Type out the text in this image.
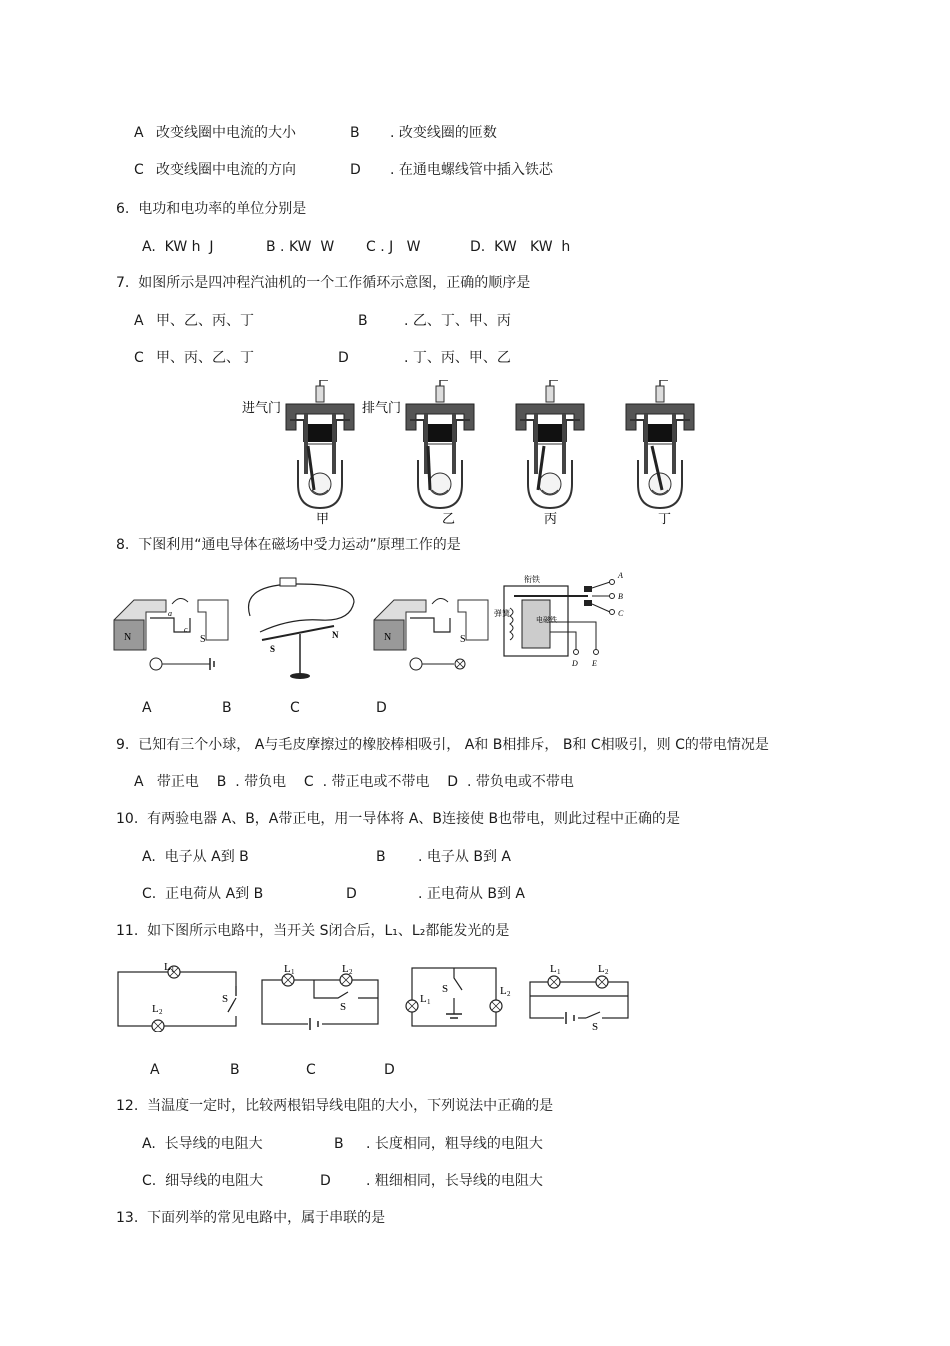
A 改变线圈中电流的大小	B . 改变线圈的匝数
C 改变线圈中电流的方向	D . 在通电螺线管中插入铁芯
6.  电功和电功率的单位分别是
A.  KW h  J	B . KW  W C . J   W	D.  KW   KW  h
7.  如图所示是四冲程汽油机的一个工作循环示意图，正确的顺序是
A 甲、乙、丙、丁	B	. 乙、丁、甲、丙
C 甲、丙、乙、丁	D	. 丁、丙、甲、乙
进气门	排气门
甲	乙	丙	丁
8.  下图利用“通电导体在磁场中受力运动”原理工作的是
N	S
a
c
S
N	N	S
衔铁
弹簧
电磁铁
A
B
C
D E
A	B	C	D
9.  已知有三个小球， A与毛皮摩擦过的橡胶棒相吸引， A和 B相排斥， B和 C相吸引，则 C的带电情况是
A   带正电    B  . 带负电    C  . 带正电或不带电    D  . 带负电或不带电
10.  有两验电器 A、B，A带正电，用一导体将 A、B连接使 B也带电，则此过程中正确的是
A.  电子从 A到 B	B . 电子从 B到 A
C.  正电荷从 A到 B	D	. 正电荷从 B到 A
11.  如下图所示电路中，当开关 S闭合后，L₁、L₂都能发光的是
L 1
L 2
S
L 1	L 2
S
L 1
L 2
S
L 1	L 2
S
A	B	C	D
12.  当温度一定时，比较两根铝导线电阻的大小，下列说法中正确的是
A.  长导线的电阻大	B . 长度相同，粗导线的电阻大
C.  细导线的电阻大	D	. 粗细相同，长导线的电阻大
13.  下面列举的常见电路中，属于串联的是
